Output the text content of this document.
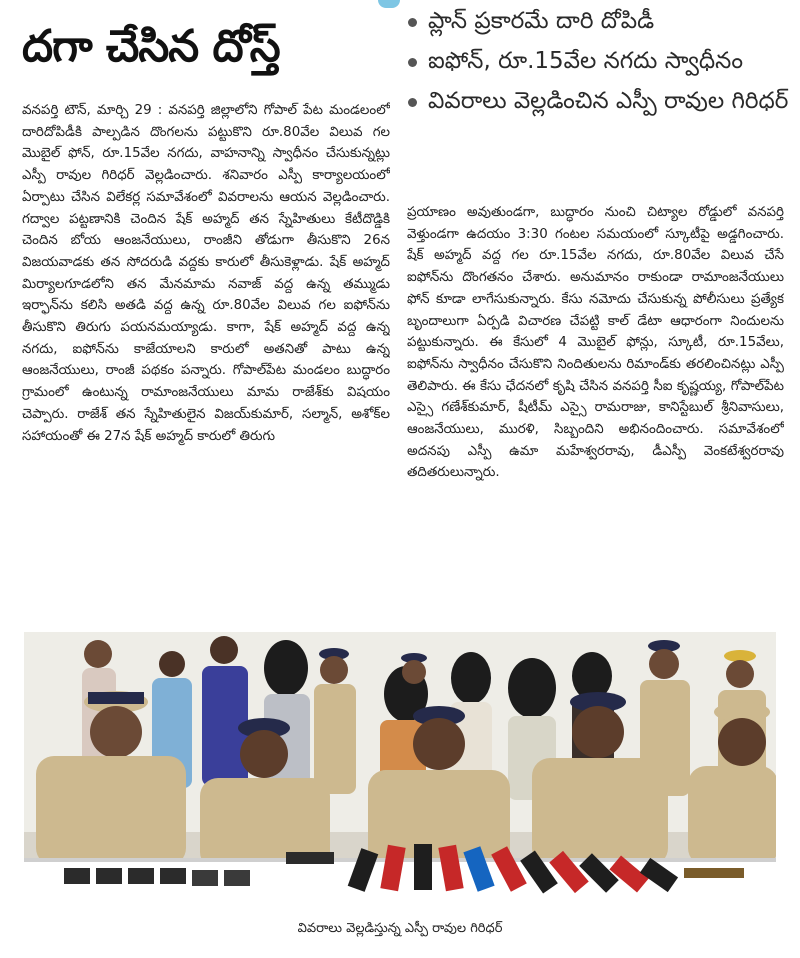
దగా చేసిన దోస్త్	ప్లాన్ ప్రకారమే దారి దోపిడీ
ఐఫోన్, రూ.15వేల నగదు స్వాధీనం
వివరాలు వెల్లడించిన ఎస్పీ రావుల గిరిధర్

వనపర్తి టౌన్, మార్చి 29 : వనపర్తి జిల్లాలోని గోపాల్ పేట మండలంలో దారిదోపిడీకి పాల్పడిన దొంగలను పట్టుకొని రూ.80వేల విలువ గల మొబైల్ ఫోన్, రూ.15వేల నగదు, వాహనాన్ని స్వాధీనం చేసుకున్నట్లు ఎస్పీ రావుల గిరిధర్ వెల్లడించారు. శనివారం ఎస్పీ కార్యాలయంలో ఏర్పాటు చేసిన విలేకర్ల సమావేశంలో వివరాలను ఆయన వెల్లడించారు. గద్వాల పట్టణానికి చెందిన షేక్ అహ్మద్ తన స్నేహితులు కేటీదొడ్డికి చెందిన బోయ ఆంజనేయులు, రాంజీని తోడుగా తీసుకొని 26న విజయవాడకు తన సోదరుడి వద్దకు కారులో తీసుకెళ్లాడు. షేక్ అహ్మద్ మిర్యాలగూడలోని తన మేనమామ నవాజ్ వద్ద ఉన్న తమ్ముడు ఇర్ఫాన్‌ను కలిసి అతడి వద్ద ఉన్న రూ.80వేల విలువ గల ఐఫోన్‌ను తీసుకొని తిరుగు పయనమయ్యాడు. కాగా, షేక్ అహ్మద్ వద్ద ఉన్న నగదు, ఐఫోన్‌ను కాజేయాలని కారులో అతనితో పాటు ఉన్న ఆంజనేయులు, రాంజీ పథకం పన్నారు. గోపాల్‌పేట మండలం బుద్ధారం గ్రామంలో ఉంటున్న రామాంజనేయులు మామ రాజేశ్‌కు విషయం చెప్పారు. రాజేశ్ తన స్నేహితులైన విజయ్‌కుమార్, సల్మాన్, అశోక్‌ల సహాయంతో ఈ 27న షేక్ అహ్మద్ కారులో తిరుగు

ప్రయాణం అవుతుండగా, బుద్ధారం నుంచి చిట్యాల రోడ్డులో వనపర్తి వెళ్తుండగా ఉదయం 3:30 గంటల సమయంలో స్కూటీపై అడ్డగించారు. షేక్ అహ్మద్ వద్ద గల రూ.15వేల నగదు, రూ.80వేల విలువ చేసే ఐఫోన్‌ను దొంగతనం చేశారు. అనుమానం రాకుండా రామాంజనేయులు ఫోన్ కూడా లాగేసుకున్నారు. కేసు నమోదు చేసుకున్న పోలీసులు ప్రత్యేక బృందాలుగా ఏర్పడి విచారణ చేపట్టి కాల్ డేటా ఆధారంగా నిందులను పట్టుకున్నారు. ఈ కేసులో 4 మొబైల్ ఫోన్లు, స్కూటీ, రూ.15వేలు, ఐఫోన్‌ను స్వాధీనం చేసుకొని నిందితులను రిమాండ్‌కు తరలించినట్లు ఎస్పీ తెలిపారు. ఈ కేసు ఛేదనలో కృషి చేసిన వనపర్తి సీఐ కృష్ణయ్య, గోపాల్‌పేట ఎస్సై గణేశ్‌కుమార్, షీటీమ్ ఎస్సై రామరాజు, కానిస్టేబుల్ శ్రీనివాసులు, ఆంజనేయులు, మురళి, సిబ్బందిని అభినందించారు. సమావేశంలో అదనపు ఎస్పీ ఉమా మహేశ్వరరావు, డీఎస్పీ వెంకటేశ్వరరావు తదితరులున్నారు.

వివరాలు వెల్లడిస్తున్న ఎస్పీ రావుల గిరిధర్
